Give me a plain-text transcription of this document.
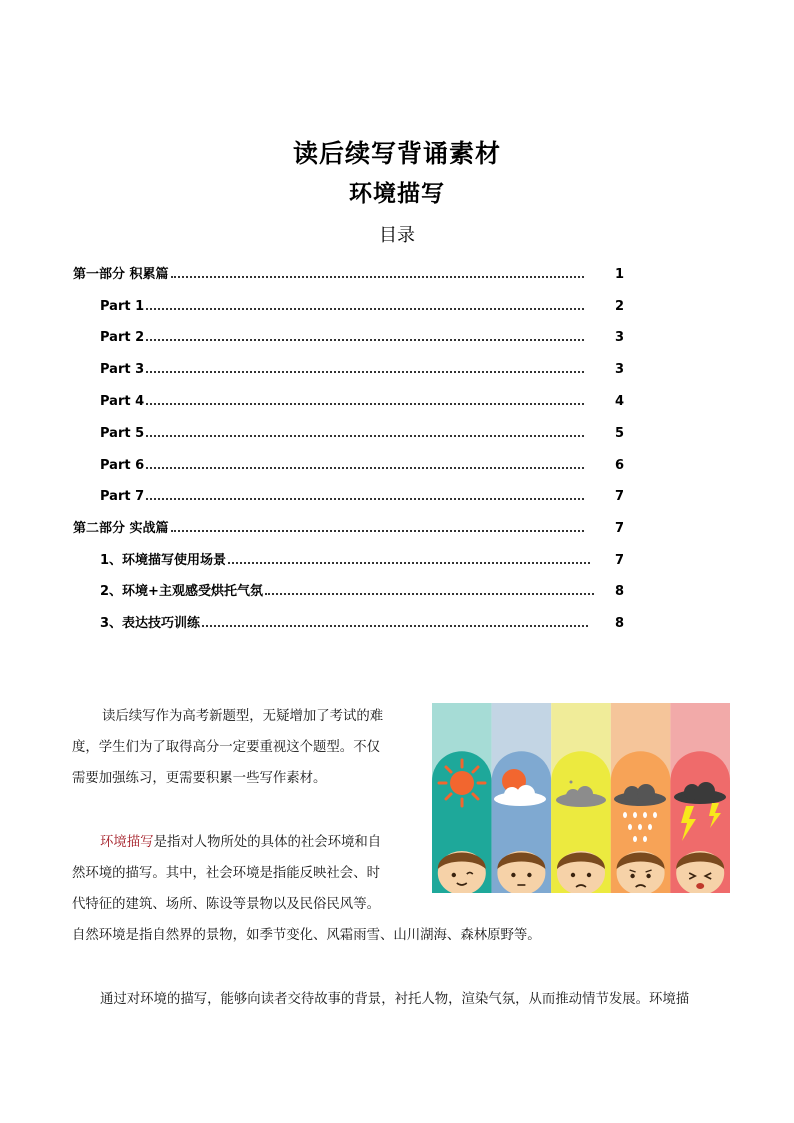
读后续写背诵素材
环境描写
目录
第一部分 积累篇	1
Part 1	2
Part 2	3
Part 3	3
Part 4	4
Part 5	5
Part 6	6
Part 7	7
第二部分 实战篇	7
1、环境描写使用场景	7
2、环境+主观感受烘托气氛	8
3、表达技巧训练	8
读后续写作为高考新题型，无疑增加了考试的难
度，学生们为了取得高分一定要重视这个题型。不仅
需要加强练习，更需要积累一些写作素材。
环境描写是指对人物所处的具体的社会环境和自
然环境的描写。其中，社会环境是指能反映社会、时
代特征的建筑、场所、陈设等景物以及民俗民风等。
自然环境是指自然界的景物，如季节变化、风霜雨雪、山川湖海、森林原野等。
通过对环境的描写，能够向读者交待故事的背景，衬托人物，渲染气氛，从而推动情节发展。环境描
